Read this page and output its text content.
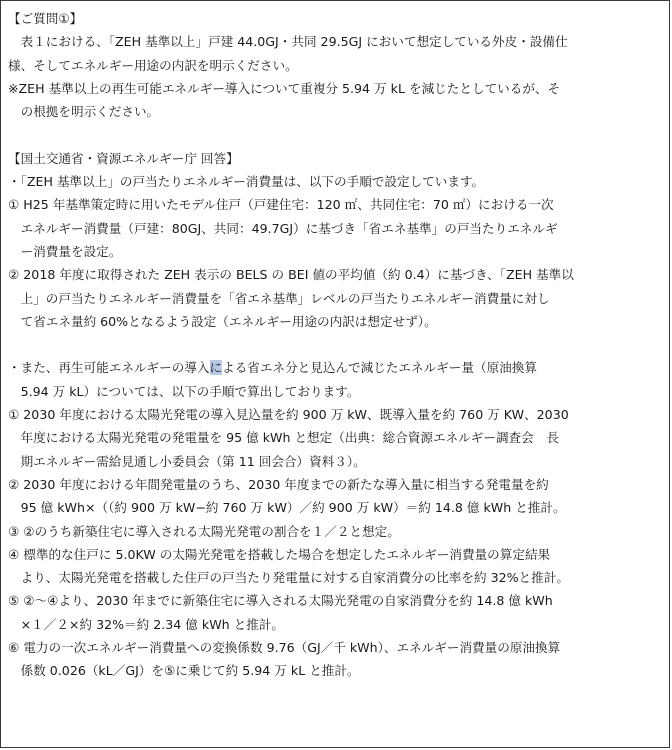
【ご質問①】
　表１における、「ZEH 基準以上」戸建 44.0GJ・共同 29.5GJ において想定している外皮・設備仕
様、そしてエネルギー用途の内訳を明示ください。
※ZEH 基準以上の再生可能エネルギー導入について重複分 5.94 万 kL を減じたとしているが、そ
　の根拠を明示ください。
【国土交通省・資源エネルギー庁 回答】
・「ZEH 基準以上」の戸当たりエネルギー消費量は、以下の手順で設定しています。
① H25 年基準策定時に用いたモデル住戸（戸建住宅：120 ㎡、共同住宅：70 ㎡）における一次
　エネルギー消費量（戸建：80GJ、共同：49.7GJ）に基づき「省エネ基準」の戸当たりエネルギ
　ー消費量を設定。
② 2018 年度に取得された ZEH 表示の BELS の BEI 値の平均値（約 0.4）に基づき、「ZEH 基準以
　上」の戸当たりエネルギー消費量を「省エネ基準」レベルの戸当たりエネルギー消費量に対し
　て省エネ量約 60%となるよう設定（エネルギー用途の内訳は想定せず）。
・また、再生可能エネルギーの導入による省エネ分と見込んで減じたエネルギー量（原油換算
　5.94 万 kL）については、以下の手順で算出しております。
① 2030 年度における太陽光発電の導入見込量を約 900 万 kW、既導入量を約 760 万 KW、2030
　年度における太陽光発電の発電量を 95 億 kWh と想定（出典：総合資源エネルギー調査会　長
　期エネルギー需給見通し小委員会（第 11 回会合）資料３）。
② 2030 年度における年間発電量のうち、2030 年度までの新たな導入量に相当する発電量を約
　95 億 kWh×（（約 900 万 kW−約 760 万 kW）／約 900 万 kW）＝約 14.8 億 kWh と推計。
③ ②のうち新築住宅に導入される太陽光発電の割合を１／２と想定。
④ 標準的な住戸に 5.0KW の太陽光発電を搭載した場合を想定したエネルギー消費量の算定結果
　より、太陽光発電を搭載した住戸の戸当たり発電量に対する自家消費分の比率を約 32%と推計。
⑤ ②〜④より、2030 年までに新築住宅に導入される太陽光発電の自家消費分を約 14.8 億 kWh
　×１／２×約 32%＝約 2.34 億 kWh と推計。
⑥ 電力の一次エネルギー消費量への変換係数 9.76（GJ／千 kWh）、エネルギー消費量の原油換算
　係数 0.026（kL／GJ）を⑤に乗じて約 5.94 万 kL と推計。
